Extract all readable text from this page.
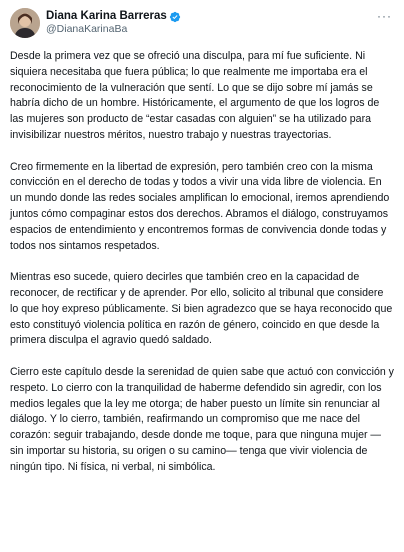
Diana Karina Barreras
@DianaKarinaBa
···

Desde la primera vez que se ofreció una disculpa, para mí fue suficiente. Ni siquiera necesitaba que fuera pública; lo que realmente me importaba era el reconocimiento de la vulneración que sentí. Lo que se dijo sobre mí jamás se habría dicho de un hombre. Históricamente, el argumento de que los logros de las mujeres son producto de “estar casadas con alguien” se ha utilizado para invisibilizar nuestros méritos, nuestro trabajo y nuestras trayectorias.

Creo firmemente en la libertad de expresión, pero también creo con la misma convicción en el derecho de todas y todos a vivir una vida libre de violencia. En un mundo donde las redes sociales amplifican lo emocional, iremos aprendiendo juntos cómo compaginar estos dos derechos. Abramos el diálogo, construyamos espacios de entendimiento y encontremos formas de convivencia donde todas y todos nos sintamos respetados.

Mientras eso sucede, quiero decirles que también creo en la capacidad de reconocer, de rectificar y de aprender. Por ello, solicito al tribunal que considere lo que hoy expreso públicamente. Si bien agradezco que se haya reconocido que esto constituyó violencia política en razón de género, coincido en que desde la primera disculpa el agravio quedó saldado.

Cierro este capítulo desde la serenidad de quien sabe que actuó con convicción y respeto. Lo cierro con la tranquilidad de haberme defendido sin agredir, con los medios legales que la ley me otorga; de haber puesto un límite sin renunciar al diálogo. Y lo cierro, también, reafirmando un compromiso que me nace del corazón: seguir trabajando, desde donde me toque, para que ninguna mujer —sin importar su historia, su origen o su camino— tenga que vivir violencia de ningún tipo. Ni física, ni verbal, ni simbólica.
